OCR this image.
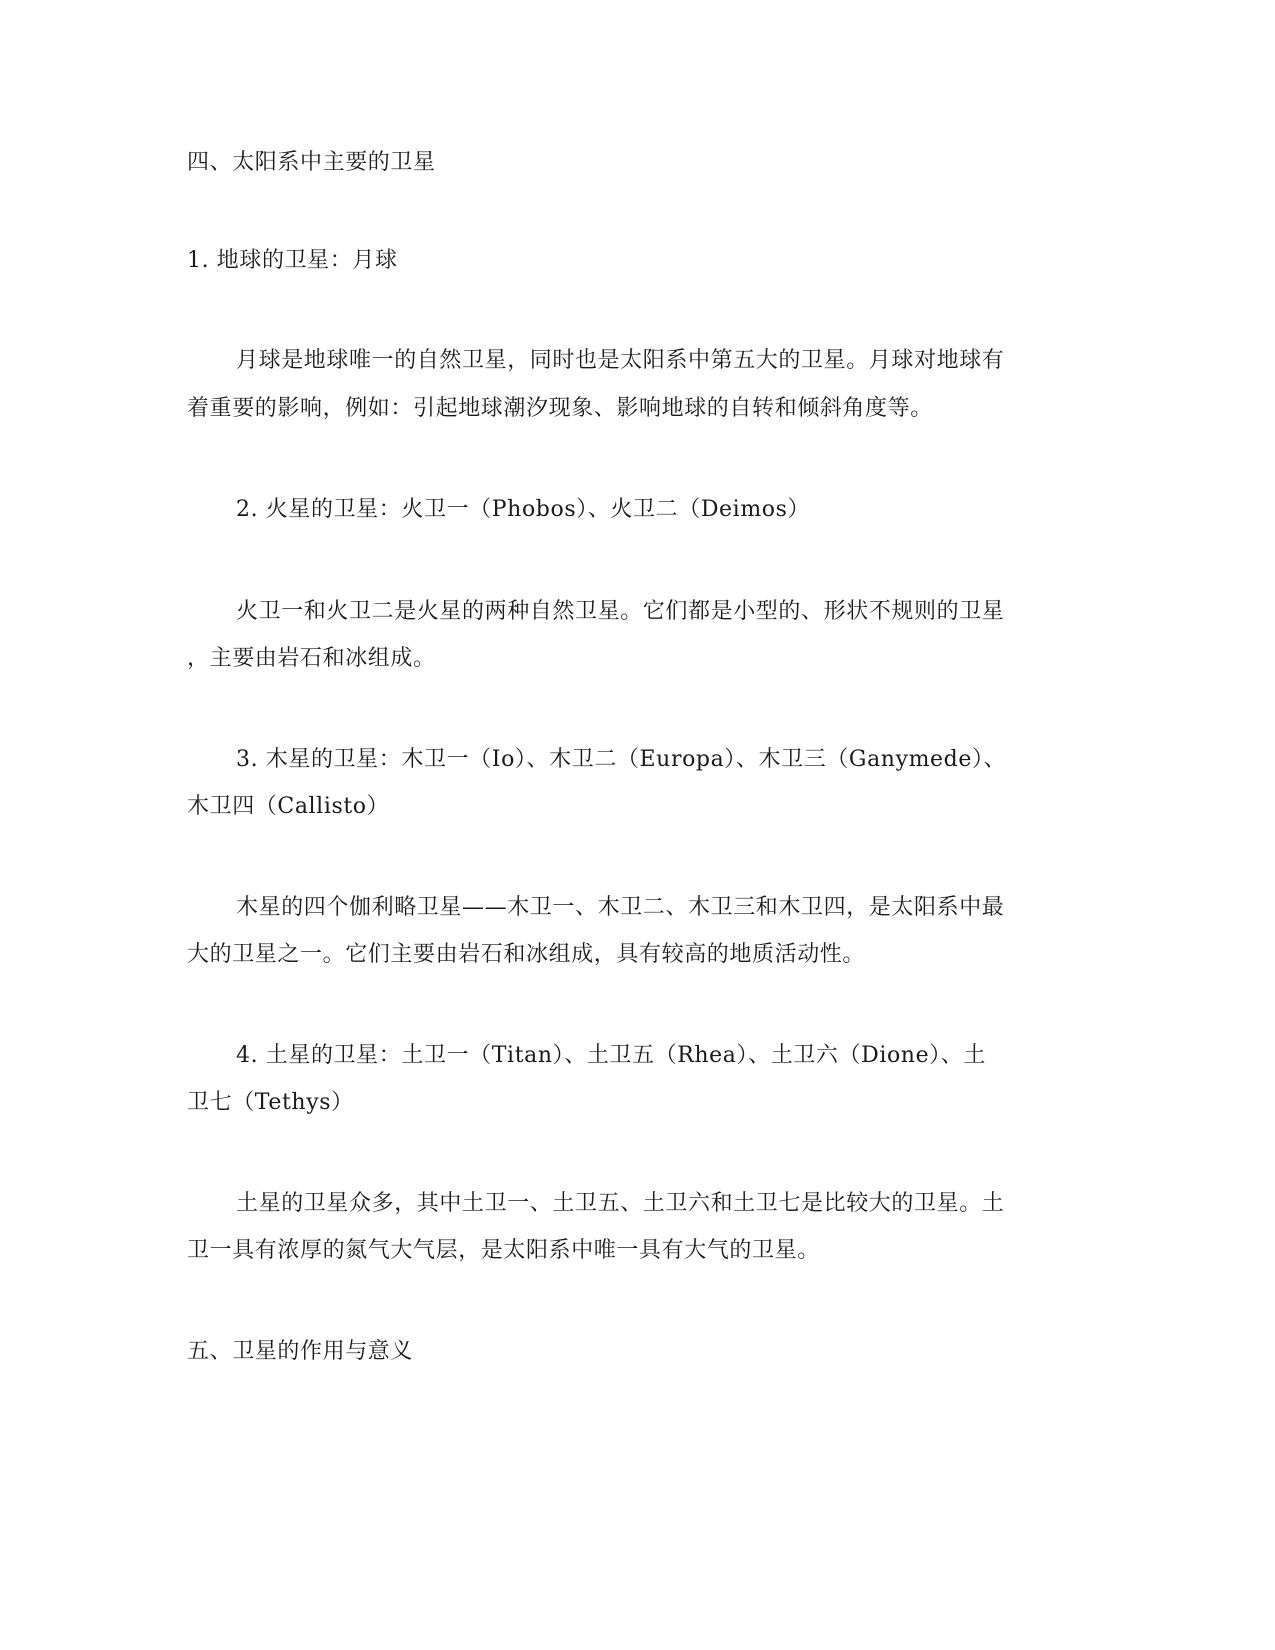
四、太阳系中主要的卫星
1. 地球的卫星：月球
月球是地球唯一的自然卫星，同时也是太阳系中第五大的卫星。月球对地球有
着重要的影响，例如：引起地球潮汐现象、影响地球的自转和倾斜角度等。
2. 火星的卫星：火卫一（Phobos）、火卫二（Deimos）
火卫一和火卫二是火星的两种自然卫星。它们都是小型的、形状不规则的卫星
，主要由岩石和冰组成。
3. 木星的卫星：木卫一（Io）、木卫二（Europa）、木卫三（Ganymede）、
木卫四（Callisto）
木星的四个伽利略卫星——木卫一、木卫二、木卫三和木卫四，是太阳系中最
大的卫星之一。它们主要由岩石和冰组成，具有较高的地质活动性。
4. 土星的卫星：土卫一（Titan）、土卫五（Rhea）、土卫六（Dione）、土
卫七（Tethys）
土星的卫星众多，其中土卫一、土卫五、土卫六和土卫七是比较大的卫星。土
卫一具有浓厚的氮气大气层，是太阳系中唯一具有大气的卫星。
五、卫星的作用与意义
